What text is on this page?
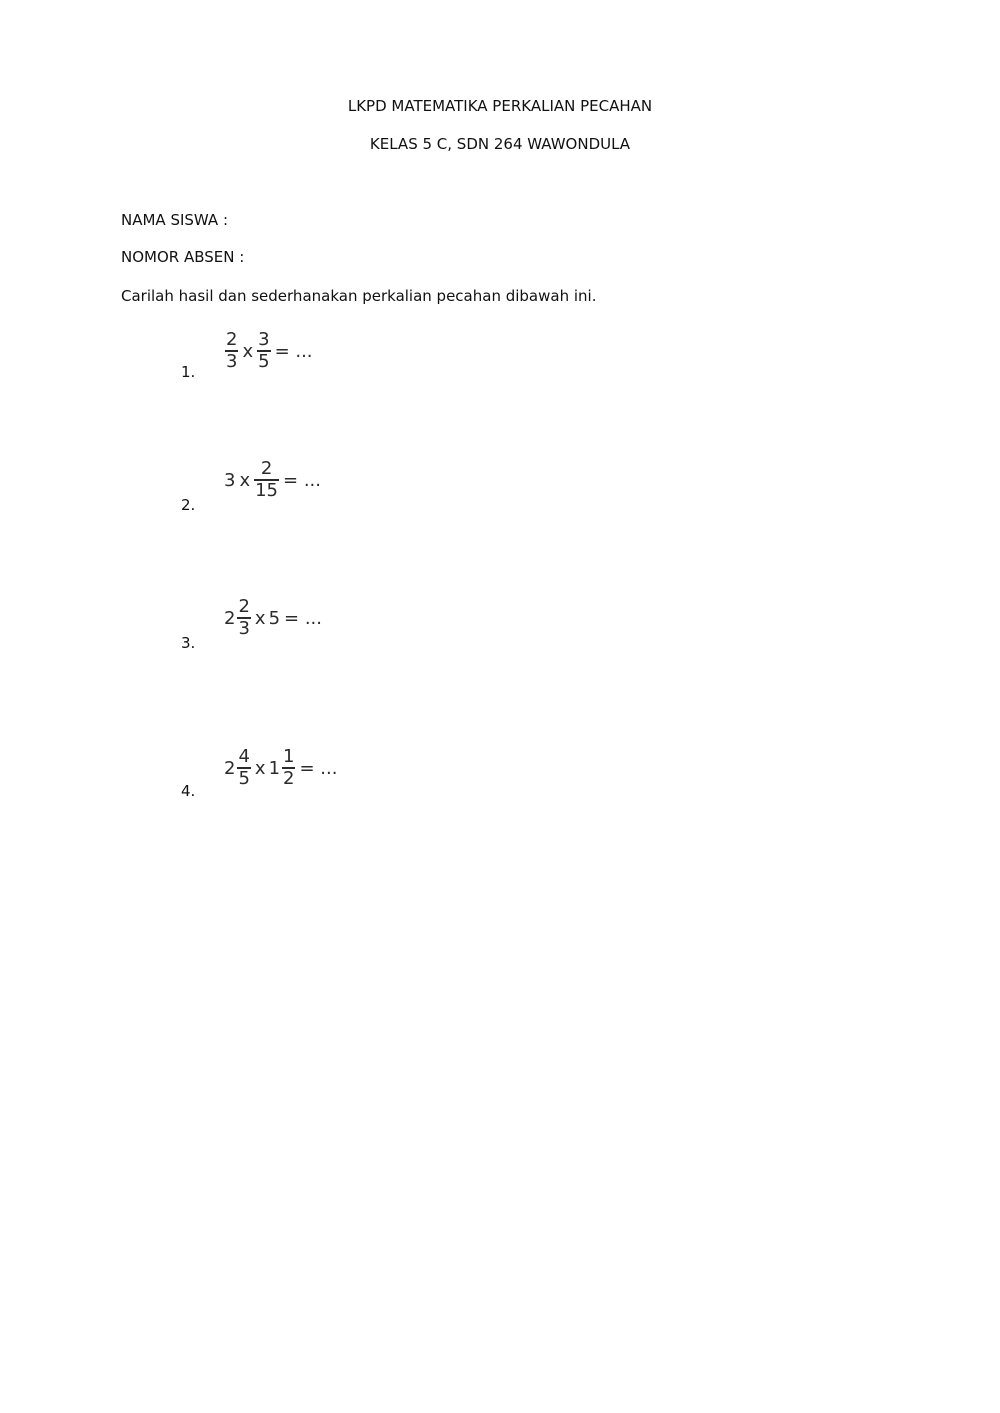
LKPD MATEMATIKA PERKALIAN PECAHAN
KELAS 5 C, SDN 264 WAWONDULA
NAMA SISWA :
NOMOR ABSEN :
Carilah hasil dan sederhanakan perkalian pecahan dibawah ini.
1. $\frac{2}{3}$ x $\frac{3}{5}$ = ...
2.
3 x $\frac{2}{15}$ = ...
3.
$2 \frac{2}{3}$ x 5 = ...
4.
$2 \frac{4}{5}$ x $1 \frac{1}{2}$ = ...
